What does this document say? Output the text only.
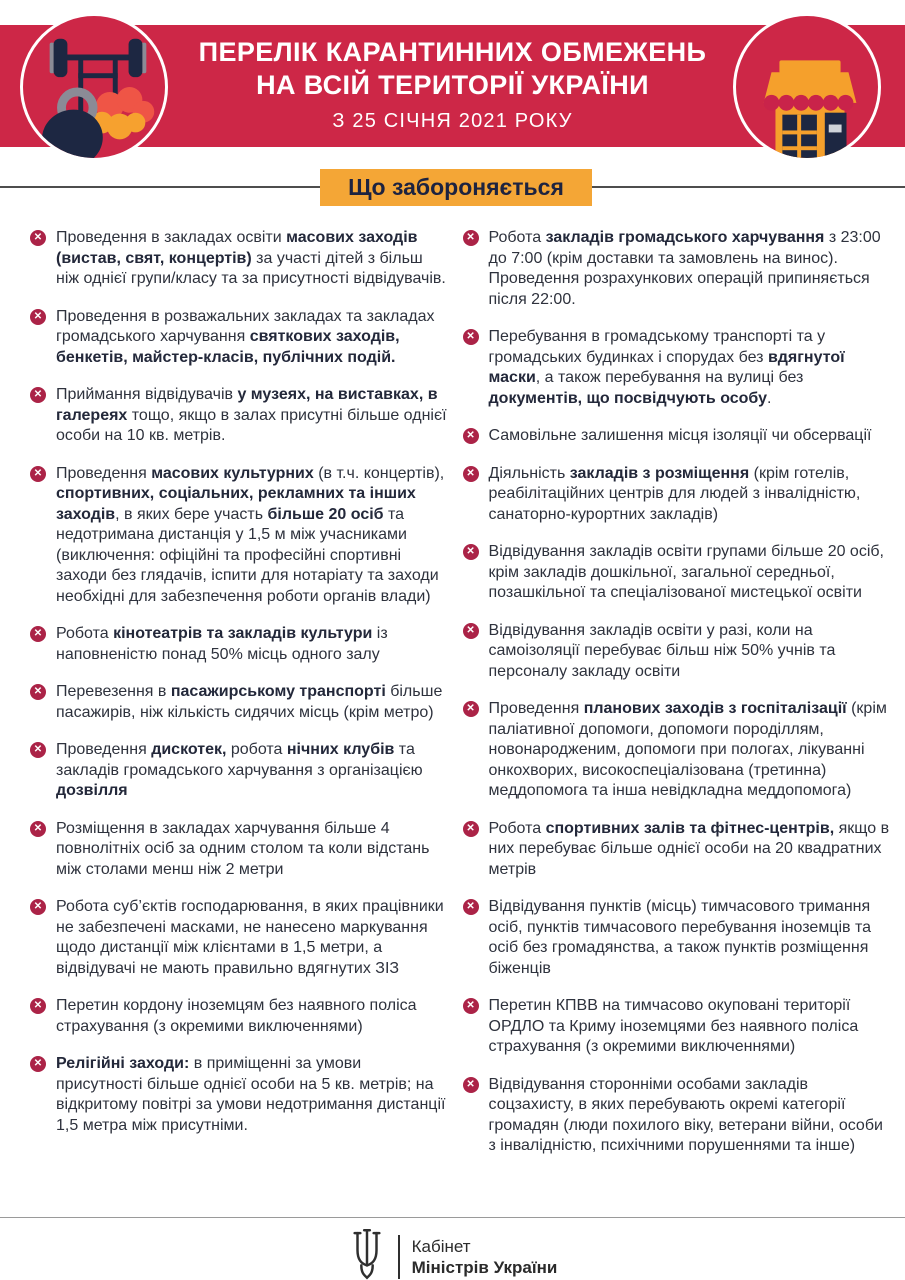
ПЕРЕЛІК КАРАНТИННИХ ОБМЕЖЕНЬ
НА ВСІЙ ТЕРИТОРІЇ УКРАЇНИ
З 25 СІЧНЯ 2021 РОКУ
Що забороняється
✕ Проведення в закладах освіти масових заходів (вистав, свят, концертів) за участі дітей з більш ніж однієї групи/класу та за присутності відвідувачів.
✕ Проведення в розважальних закладах та закладах громадського харчування святкових заходів, бенкетів, майстер-класів, публічних подій.
✕ Приймання відвідувачів у музеях, на виставках, в галереях тощо, якщо в залах присутні більше однієї особи на 10 кв. метрів.
✕ Проведення масових культурних (в т.ч. концертів), спортивних, соціальних, рекламних та інших заходів, в яких бере участь більше 20 осіб та недотримана дистанція у 1,5 м між учасниками (виключення: офіційні та професійні спортивні заходи без глядачів, іспити для нотаріату та заходи необхідні для забезпечення роботи органів влади)
✕ Робота кінотеатрів та закладів культури із наповненістю понад 50% місць одного залу
✕ Перевезення в пасажирському транспорті більше пасажирів, ніж кількість сидячих місць (крім метро)
✕ Проведення дискотек, робота нічних клубів та закладів громадського харчування з організацією дозвілля
✕ Розміщення в закладах харчування більше 4 повнолітніх осіб за одним столом та коли відстань між столами менш ніж 2 метри
✕ Робота суб’єктів господарювання, в яких працівники не забезпечені масками, не нанесено маркування щодо дистанції між клієнтами в 1,5 метри, а відвідувачі не мають правильно вдягнутих ЗІЗ
✕ Перетин кордону іноземцям без наявного поліса страхування (з окремими виключеннями)
✕ Релігійні заходи: в приміщенні за умови присутності більше однієї особи на 5 кв. метрів; на відкритому повітрі за умови недотримання дистанції 1,5 метра між присутніми.
✕ Робота закладів громадського харчування з 23:00 до 7:00 (крім доставки та замовлень на винос). Проведення розрахункових операцій припиняється після 22:00.
✕ Перебування в громадському транспорті та у громадських будинках і спорудах без вдягнутої маски, а також перебування на вулиці без документів, що посвідчують особу.
✕ Самовільне залишення місця ізоляції чи обсервації
✕ Діяльність закладів з розміщення (крім готелів, реабілітаційних центрів для людей з інвалідністю, санаторно-курортних закладів)
✕ Відвідування закладів освіти групами більше 20 осіб, крім закладів дошкільної, загальної середньої, позашкільної та спеціалізованої мистецької освіти
✕ Відвідування закладів освіти у разі, коли на самоізоляції перебуває більш ніж 50% учнів та персоналу закладу освіти
✕ Проведення планових заходів з госпіталізації (крім паліативної допомоги, допомоги породіллям, новонародженим, допомоги при пологах, лікуванні онкохворих, високоспеціалізована (третинна) меддопомога та інша невідкладна меддопомога)
✕ Робота спортивних залів та фітнес-центрів, якщо в них перебуває більше однієї особи на 20 квадратних метрів
✕ Відвідування пунктів (місць) тимчасового тримання осіб, пунктів тимчасового перебування іноземців та осіб без громадянства, а також пунктів розміщення біженців
✕ Перетин КПВВ на тимчасово окуповані території ОРДЛО та Криму іноземцями без наявного поліса страхування (з окремими виключеннями)
✕ Відвідування сторонніми особами закладів соцзахисту, в яких перебувають окремі категорії громадян (люди похилого віку, ветерани війни, особи з інвалідністю, психічними порушеннями та інше)
Кабінет
Міністрів України
